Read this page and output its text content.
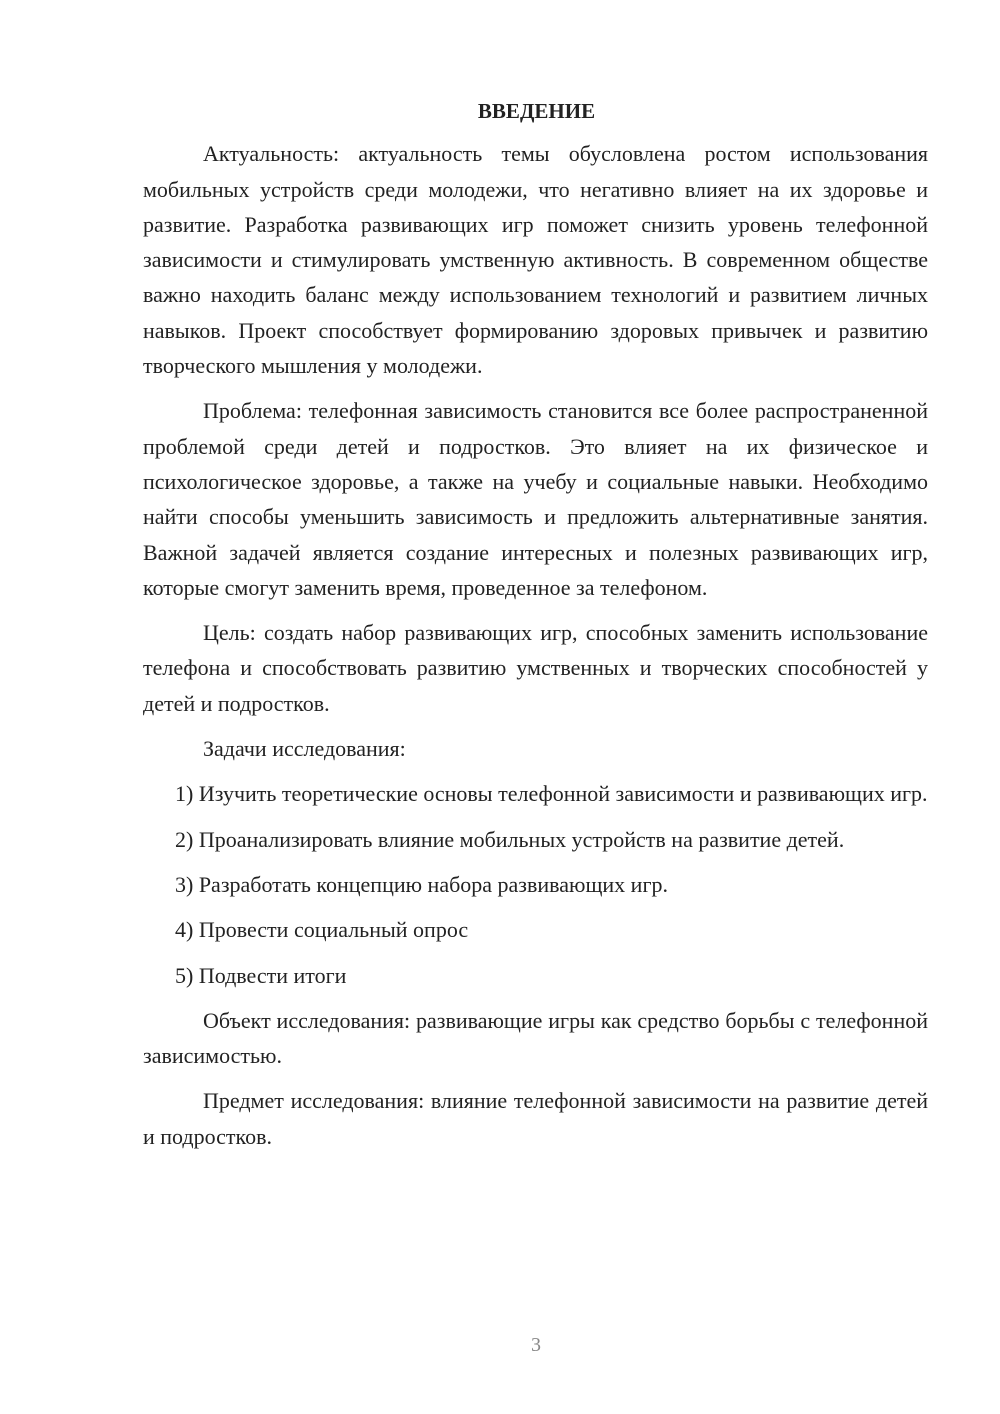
ВВЕДЕНИЕ

Актуальность: актуальность темы обусловлена ростом использования мобильных устройств среди молодежи, что негативно влияет на их здоровье и развитие. Разработка развивающих игр поможет снизить уровень телефонной зависимости и стимулировать умственную активность. В современном обществе важно находить баланс между использованием технологий и развитием личных навыков. Проект способствует формированию здоровых привычек и развитию творческого мышления у молодежи.

Проблема: телефонная зависимость становится все более распространенной проблемой среди детей и подростков. Это влияет на их физическое и психологическое здоровье, а также на учебу и социальные навыки. Необходимо найти способы уменьшить зависимость и предложить альтернативные занятия. Важной задачей является создание интересных и полезных развивающих игр, которые смогут заменить время, проведенное за телефоном.

Цель: создать набор развивающих игр, способных заменить использование телефона и способствовать развитию умственных и творческих способностей у детей и подростков.

Задачи исследования:

1) Изучить теоретические основы телефонной зависимости и развивающих игр.

2) Проанализировать влияние мобильных устройств на развитие детей.

3) Разработать концепцию набора развивающих игр.

4) Провести социальный опрос

5) Подвести итоги

Объект исследования: развивающие игры как средство борьбы с телефонной зависимостью.

Предмет исследования: влияние телефонной зависимости на развитие детей и подростков.

3
